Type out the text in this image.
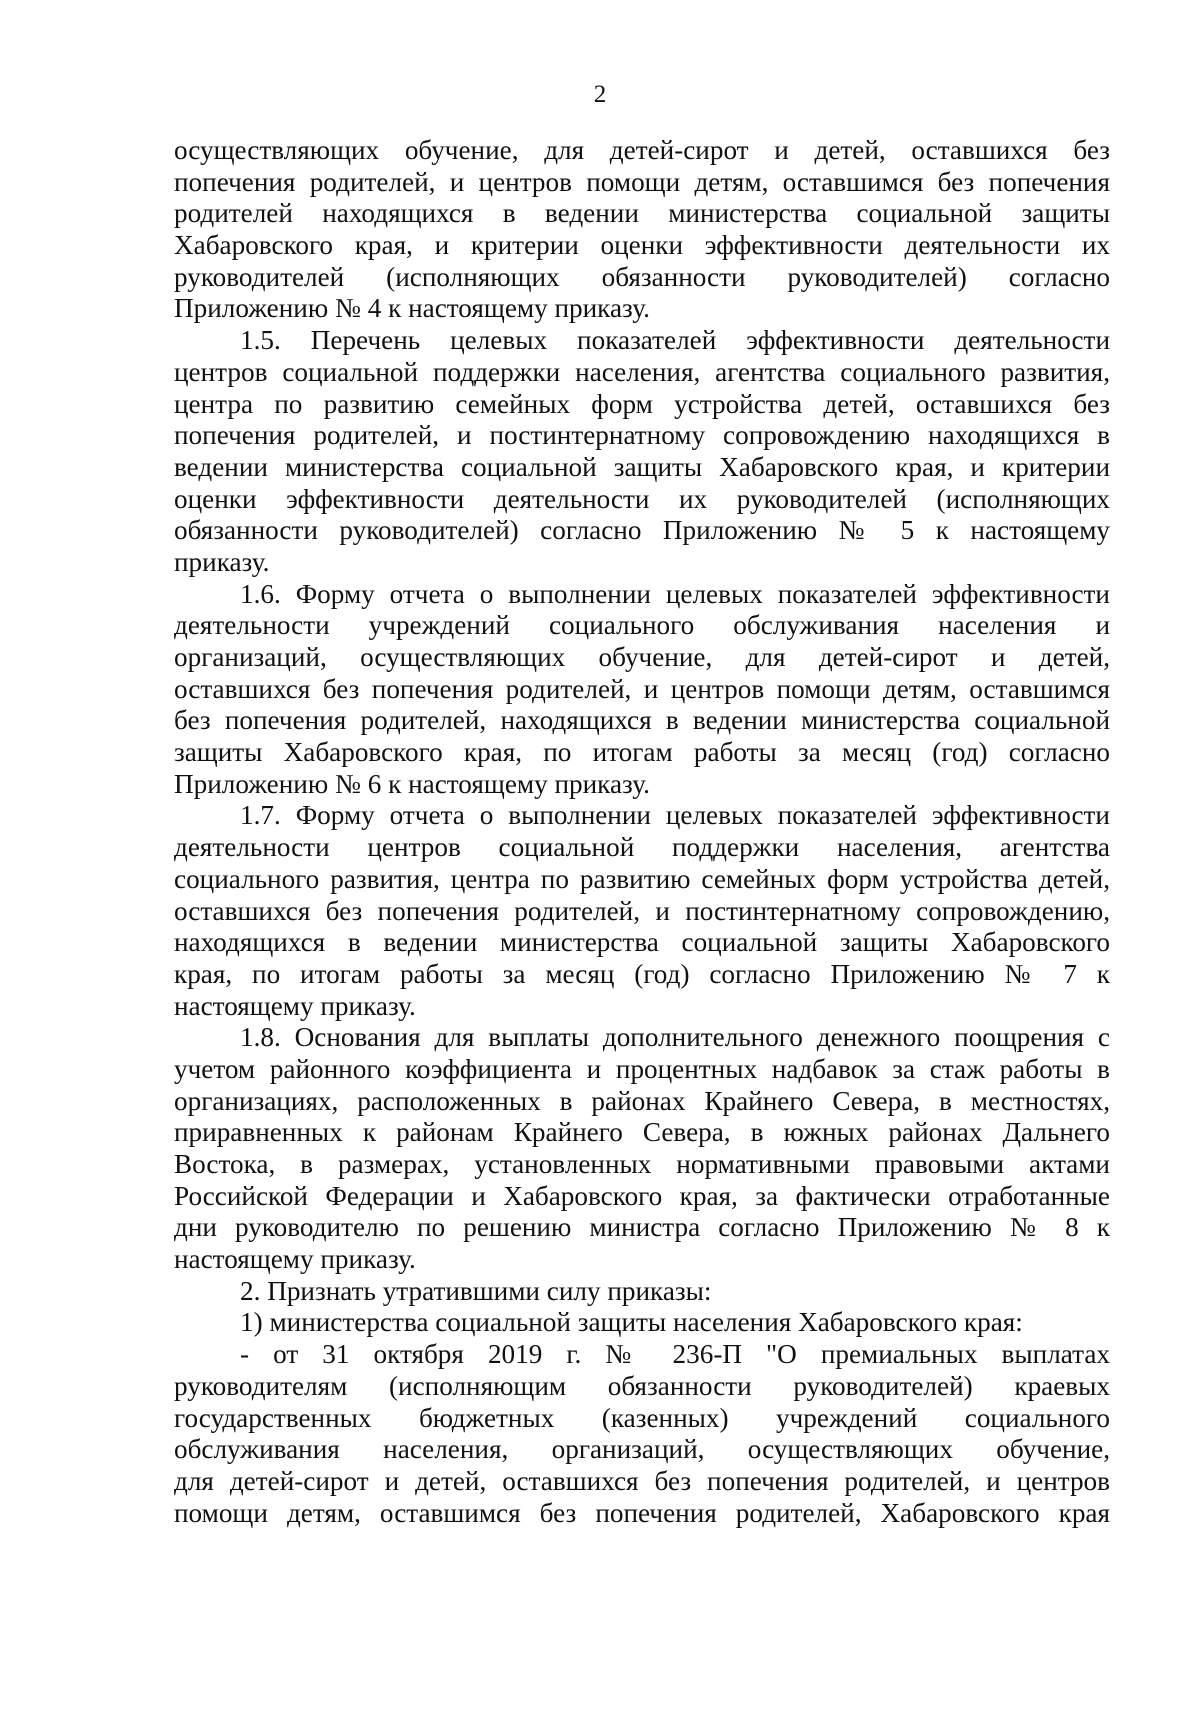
2
осуществляющих обучение, для детей-сирот и детей, оставшихся без
попечения родителей, и центров помощи детям, оставшимся без попечения
родителей находящихся в ведении министерства социальной защиты
Хабаровского края, и критерии оценки эффективности деятельности их
руководителей (исполняющих обязанности руководителей) согласно
Приложению № 4 к настоящему приказу.
1.5. Перечень целевых показателей эффективности деятельности
центров социальной поддержки населения, агентства социального развития,
центра по развитию семейных форм устройства детей, оставшихся без
попечения родителей, и постинтернатному сопровождению находящихся в
ведении министерства социальной защиты Хабаровского края, и критерии
оценки эффективности деятельности их руководителей (исполняющих
обязанности руководителей) согласно Приложению № 5 к настоящему
приказу.
1.6. Форму отчета о выполнении целевых показателей эффективности
деятельности учреждений социального обслуживания населения и
организаций, осуществляющих обучение, для детей-сирот и детей,
оставшихся без попечения родителей, и центров помощи детям, оставшимся
без попечения родителей, находящихся в ведении министерства социальной
защиты Хабаровского края, по итогам работы за месяц (год) согласно
Приложению № 6 к настоящему приказу.
1.7. Форму отчета о выполнении целевых показателей эффективности
деятельности центров социальной поддержки населения, агентства
социального развития, центра по развитию семейных форм устройства детей,
оставшихся без попечения родителей, и постинтернатному сопровождению,
находящихся в ведении министерства социальной защиты Хабаровского
края, по итогам работы за месяц (год) согласно Приложению № 7 к
настоящему приказу.
1.8. Основания для выплаты дополнительного денежного поощрения с
учетом районного коэффициента и процентных надбавок за стаж работы в
организациях, расположенных в районах Крайнего Севера, в местностях,
приравненных к районам Крайнего Севера, в южных районах Дальнего
Востока, в размерах, установленных нормативными правовыми актами
Российской Федерации и Хабаровского края, за фактически отработанные
дни руководителю по решению министра согласно Приложению № 8 к
настоящему приказу.
2. Признать утратившими силу приказы:
1) министерства социальной защиты населения Хабаровского края:
- от 31 октября 2019 г. № 236-П "О премиальных выплатах
руководителям (исполняющим обязанности руководителей) краевых
государственных бюджетных (казенных) учреждений социального
обслуживания населения, организаций, осуществляющих обучение,
для детей-сирот и детей, оставшихся без попечения родителей, и центров
помощи детям, оставшимся без попечения родителей, Хабаровского края
